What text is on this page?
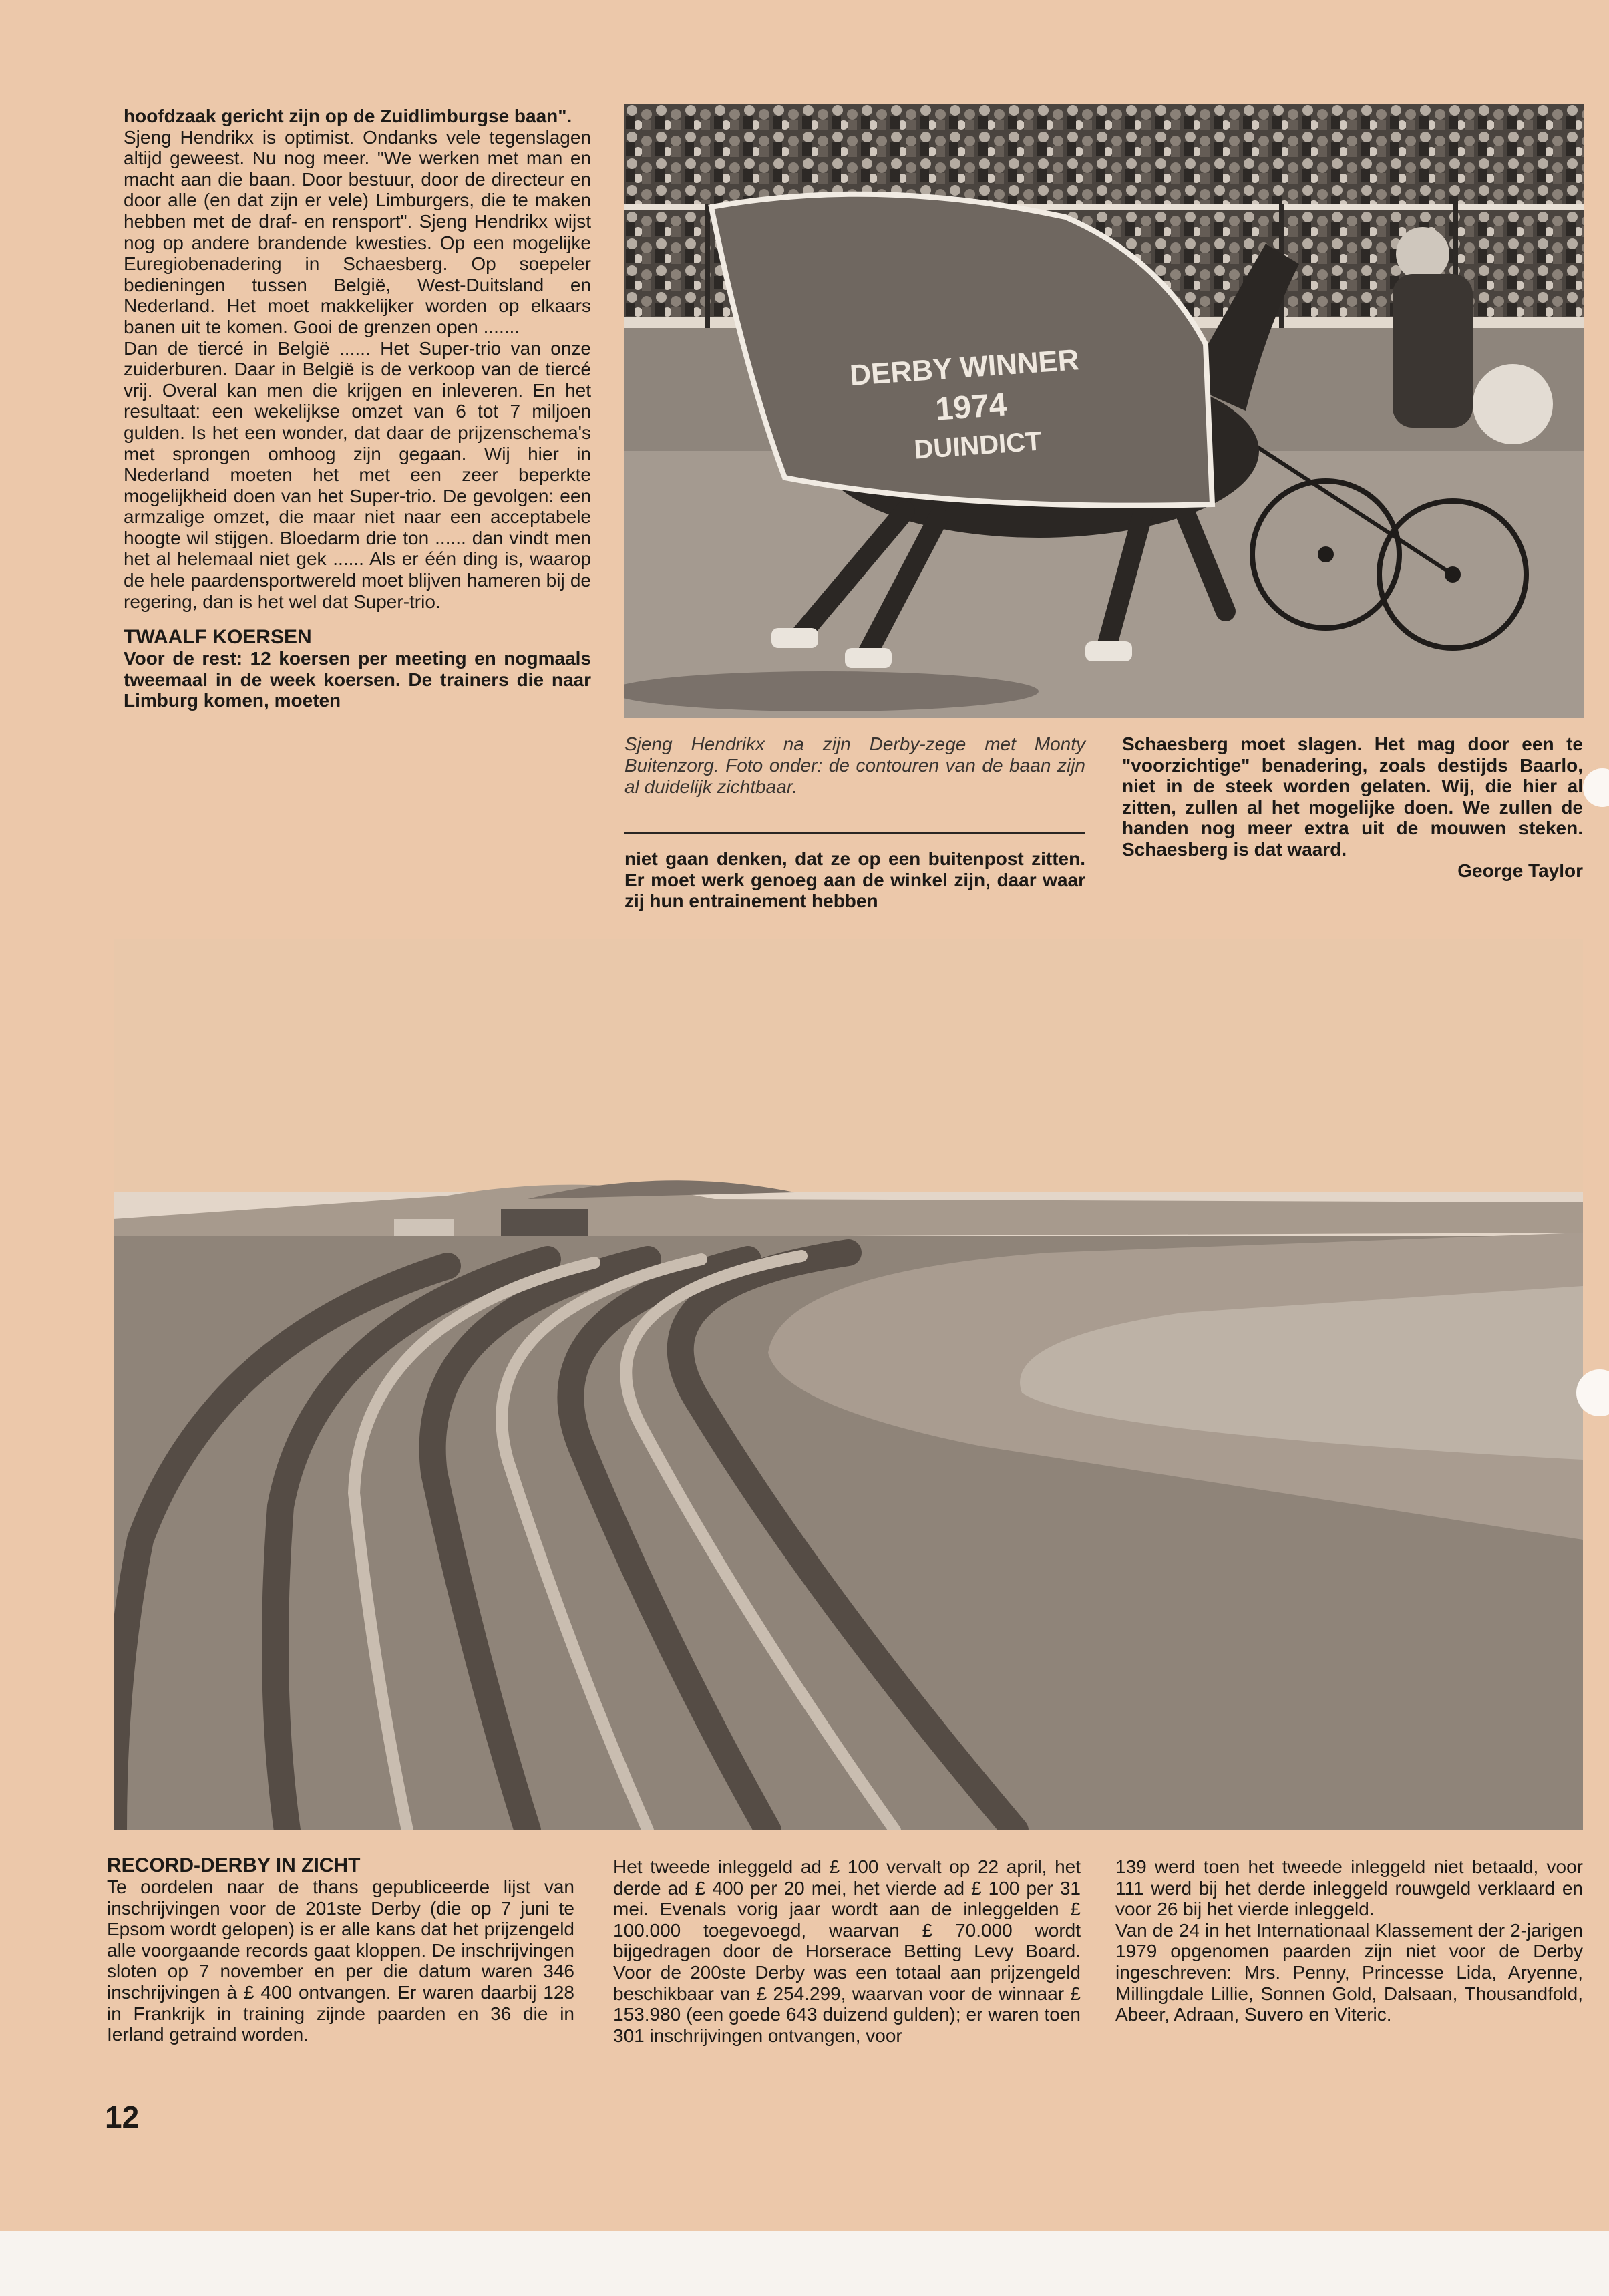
hoofdzaak gericht zijn op de Zuidlimburgse baan".

Sjeng Hendrikx is optimist. Ondanks vele tegenslagen altijd geweest. Nu nog meer. "We werken met man en macht aan die baan. Door bestuur, door de directeur en door alle (en dat zijn er vele) Limburgers, die te maken hebben met de draf- en rensport". Sjeng Hendrikx wijst nog op andere brandende kwesties. Op een mogelijke Euregiobenadering in Schaesberg. Op soepeler bedieningen tussen België, West-Duitsland en Nederland. Het moet makkelijker worden op elkaars banen uit te komen. Gooi de grenzen open .......

Dan de tiercé in België ...... Het Super-trio van onze zuiderburen. Daar in België is de verkoop van de tiercé vrij. Overal kan men die krijgen en inleveren. En het resultaat: een wekelijkse omzet van 6 tot 7 miljoen gulden. Is het een wonder, dat daar de prijzenschema's met sprongen omhoog zijn gegaan. Wij hier in Nederland moeten het met een zeer beperkte mogelijkheid doen van het Super-trio. De gevolgen: een armzalige omzet, die maar niet naar een acceptabele hoogte wil stijgen. Bloedarm drie ton ...... dan vindt men het al helemaal niet gek ...... Als er één ding is, waarop de hele paardensportwereld moet blijven hameren bij de regering, dan is het wel dat Super-trio.

TWAALF KOERSEN

Voor de rest: 12 koersen per meeting en nogmaals tweemaal in de week koersen. De trainers die naar Limburg komen, moeten

DERBY WINNER
1974
DUINDICT
Sjeng Hendrikx na zijn Derby-zege met Monty Buitenzorg. Foto onder: de contouren van de baan zijn al duidelijk zichtbaar.

niet gaan denken, dat ze op een buitenpost zitten. Er moet werk genoeg aan de winkel zijn, daar waar zij hun entrainement hebben

Schaesberg moet slagen. Het mag door een te "voorzichtige" benadering, zoals destijds Baarlo, niet in de steek worden gelaten. Wij, die hier al zitten, zullen al het mogelijke doen. We zullen de handen nog meer extra uit de mouwen steken. Schaesberg is dat waard.

George Taylor

RECORD-DERBY IN ZICHT

Te oordelen naar de thans gepubliceerde lijst van inschrijvingen voor de 201ste Derby (die op 7 juni te Epsom wordt gelopen) is er alle kans dat het prijzengeld alle voorgaande records gaat kloppen. De inschrijvingen sloten op 7 november en per die datum waren 346 inschrijvingen à £ 400 ontvangen. Er waren daarbij 128 in Frankrijk in training zijnde paarden en 36 die in Ierland getraind worden.

Het tweede inleggeld ad £ 100 vervalt op 22 april, het derde ad £ 400 per 20 mei, het vierde ad £ 100 per 31 mei. Evenals vorig jaar wordt aan de inleggelden £ 100.000 toegevoegd, waarvan £ 70.000 wordt bijgedragen door de Horserace Betting Levy Board. Voor de 200ste Derby was een totaal aan prijzengeld beschikbaar van £ 254.299, waarvan voor de winnaar £ 153.980 (een goede 643 duizend gulden); er waren toen 301 inschrijvingen ontvangen, voor

139 werd toen het tweede inleggeld niet betaald, voor 111 werd bij het derde inleggeld rouwgeld verklaard en voor 26 bij het vierde inleggeld.

Van de 24 in het Internationaal Klassement der 2-jarigen 1979 opgenomen paarden zijn niet voor de Derby ingeschreven: Mrs. Penny, Princesse Lida, Aryenne, Millingdale Lillie, Sonnen Gold, Dalsaan, Thousandfold, Abeer, Adraan, Suvero en Viteric.

12
